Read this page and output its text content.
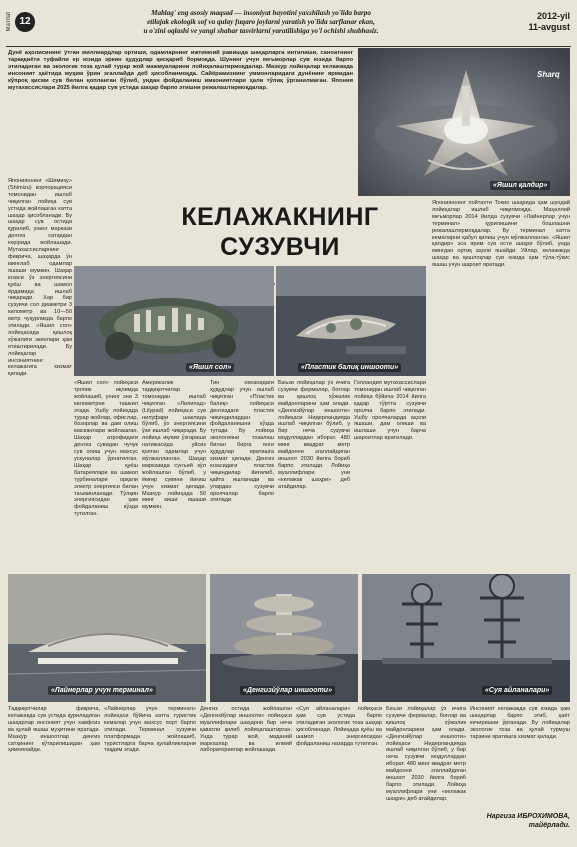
Ma'rifat 12
Mablag' eng asosiy maqsad — insoniyat hayotini yaxshilash yo'lida barpo
etilajak ekologik sof va qulay fuqaro joylarni yaratish yo'lida sarflanar ekan,
u o'zini oqlashi ve yangi shahar tasvirlarni yaratilishiga yo'l ochishi shubhasiz.
2012-yil
11-avgust
Дунё аҳолисининг ўтган миллиардлар ортиши, одамларнинг ижтимоий равишда шаҳарларга интилиши, саноатнинг тараққиёти туфайли ер юзида эркин ҳудудлар қисқариб бормоқда. Шунинг учун меъморлар сув юзида барпо этиладиган ва экологик тоза қулай турар жой мажмуаларини лойиҳалаштирмоқдалар. Мазкур лойиҳалар келажакда инсоният ҳаётида муҳим ўрин эгаллайди деб ҳисобланмоқда. Сайёрамизнинг уммонларидаги дунёнинг ярмидан кўпроқ қисми сув билан қопланган бўлиб, ундан фойдаланиш имкониятлари ҳали тўлиқ ўрганилмаган. Япония мутахассислари 2025 йилга қадар сув устида шаҳар барпо этишни режалаштирмоқдалар.
«Яшил қалдир»
Sharq
КЕЛАЖАКНИНГ
СУЗУВЧИ
Японияннинг «Шимизу» (Shimizu) корпорацияси томонидан ишлаб чиқилган лойиҳа сув устида жойлашган катта шаҳар ҳисобланади. Бу шаҳар сув остида қурилиб, унинг маркази денгиз сатҳидан юқорида жойлашади. Мутахассисларнинг фикрича, шаҳарда ўн минглаб одамлар яшаши мумкин. Шаҳар юзаси ўз энергиясини қуёш ва шамол ёрдамида ишлаб чиқаради. Хар бир сузувчи сол диаметри 3 километр ва 10—50 метр чуқурликда барпо этилади. «Яшил сол» лойиҳасида қишлоқ хўжалиги экинлари ҳам етиштирилади. Бу лойиҳалар инсониятнинг келажагига хизмат қилади.
«Яшил сол»	«Пластик балиқ иншооти»
«Яшил сол» лойиҳаси тропик иқлимда жойлашиб, унинг эни 3 километрни ташкил этади. Ушбу лойиҳада турар жойлар, офислар, бозорлар ва дам олиш масканлари жойлашган. Шаҳар атрофидаги денгиз сувидан чучук сув олиш учун махсус ускуналар ўрнатилган. Шаҳар қуёш батареялари ва шамол турбиналари орқали электр энергияси билан таъминланади. Тўлқин энергиясидан ҳам фойдаланиш кўзда тутилган.
Америкалик тадқиқотчилар томонидан ишлаб чиқилган «Лилипад» (Lilypad) лойиҳаси сув нилуфари шаклида бўлиб, ўз энергиясини ўзи ишлаб чиқаради. Бу лойиҳа иқлим ўзгариши натижасида уйсиз қолган одамлар учун мўлжалланган. Шаҳар марказида сунъий кўл жойлашган бўлиб, у ёмғир сувини йиғиш учун хизмат қилади. Мазкур лойиҳада 50 минг киши яшаши мумкин.
Тин океанидаги ҳудудлар учун ишлаб чиқилган «Пластик балиқ» лойиҳаси денгиздаги пластик чиқиндилардан фойдаланишни кўзда тутади. Бу лойиҳа экологияни тозалаш билан бирга янги ҳудудлар яратишга хизмат қилади. Денгиз юзасидаги пластик чиқиндилар йиғилиб, қайта ишланади ва улардан сузувчи оролчалар барпо этилади.
Баъзи лойиҳалар ўз ичига сузувчи фермалар, боғлар ва қишлоқ хўжалик майдонларини ҳам олади. «Денгизйўлар иншооти» лойиҳаси Нидерландияда ишлаб чиқилган бўлиб, у бир неча сузувчи модуллардан иборат. 480 минг квадрат метр майдонни эгаллайдиган иншоот 2030 йилга бориб барпо этилади. Лойиҳа муаллифлари уни «келажак шаҳри» деб атайдилар.
Голландия мутахассислари томонидан ишлаб чиқилган лойиҳа бўйича 2014 йилга қадар тўртта сузувчи оролча барпо этилади. Ушбу оролчаларда аҳоли яшаши, дам олиши ва ишлаши учун барча шароитлар яратилади.
Японияннинг пойтахти Токио шаҳрида ҳам шундай лойиҳалар ишлаб чиқилмоқда. Маҳаллий меъморлар 2014 йилда сузувчи «Лайнерлар учун терминал» қурилишини бошлашни режалаштирмоқдалар. Бу терминал катта кемаларни қабул қилиш учун мўлжалланган. «Яшил қалдир» эса ярим сув ости шаҳри бўлиб, унда мингдан ортиқ аҳоли яшайди. Уйлар, келажакда шаҳар ва қишлоқлар сув юзида ҳам тўла-тўкис яшаш учун шароит яратади.
«Лайнерлар учун терминал»	«Денгизйўлар иншооти»	«Суя айланалари»
Тадқиқотчилар фикрича, келажакда сув устида қуриладиган шаҳарлар инсоният учун хавфсиз ва қулай яшаш муҳитини яратади. Мазкур иншоотлар денгиз сатҳининг кўтарилишидан ҳам ҳимоялайди.
«Лайнерлар учун терминал» лойиҳаси бўйича катта туристик кемалар учун махсус порт барпо этилади. Терминал сузувчи платформада жойлашиб, туристларга барча қулайликларни тақдим этади.
Денгиз остида жойлашган «Денгизйўлар иншооти» лойиҳаси муаллифлари шаҳарни бир неча қаватли қилиб лойиҳалаштирган. Унда турар жой, маданий марказлар ва илмий лабораториялар жойлашади.
«Суя айланалари» лойиҳаси ҳам сув устида барпо этиладиган экологик тоза шаҳар ҳисобланади. Лойиҳада қуёш ва шамол энергиясидан фойдаланиш назарда тутилган.
Баъзи лойиҳалар ўз ичига сузувчи фермалар, боғлар ва қишлоқ хўжалик майдонларини ҳам олади. «Денгизйўлар иншооти» лойиҳаси Нидерландияда ишлаб чиқилган бўлиб, у бир неча сузувчи модуллардан иборат. 480 минг квадрат метр майдонни эгаллайдиган иншоот 2030 йилга бориб барпо этилади. Лойиҳа муаллифлари уни «келажак шаҳри» деб атайдилар.
Инсоният келажакда сув юзида ҳам шаҳарлар барпо этиб, ҳаёт кечиришни ўрганади. Бу лойиҳалар экологик тоза ва қулай турмуш тарзини яратишга хизмат қилади.
Наргиза ИБРОХИМОВА,
тайёрлади.
